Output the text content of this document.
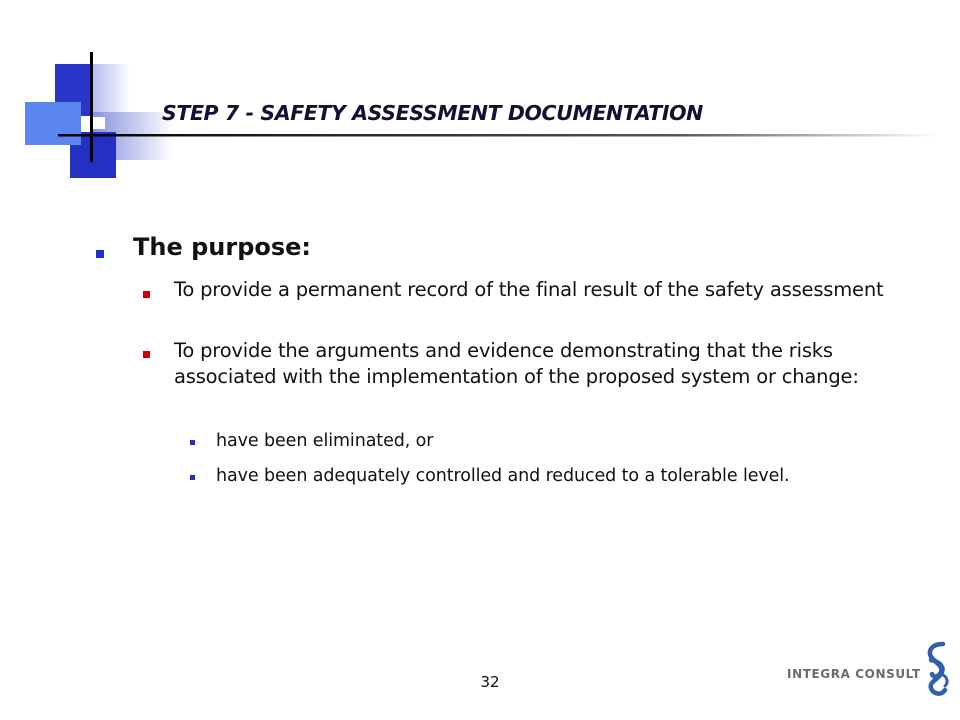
STEP 7 - SAFETY ASSESSMENT DOCUMENTATION
The purpose:
To provide a permanent record of the final result of the safety assessment
To provide the arguments and evidence demonstrating that the risks associated with the implementation of the proposed system or change:
have been eliminated, or
have been adequately controlled and reduced to a tolerable level.
32	INTEGRA CONSULT
